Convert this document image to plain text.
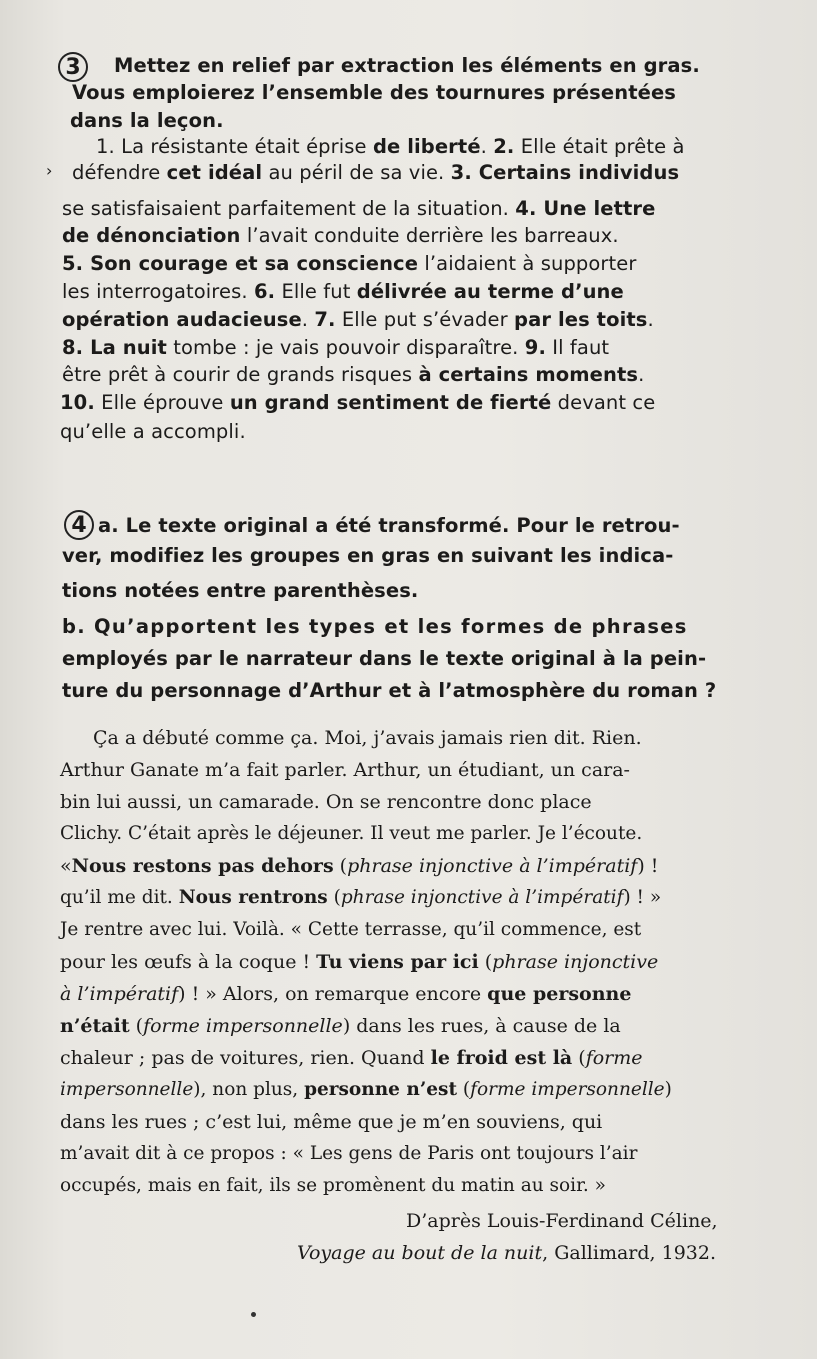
3	Mettez en relief par extraction les éléments en gras.
Vous emploierez l’ensemble des tournures présentées
dans la leçon.
1. La résistante était éprise de liberté. 2. Elle était prête à
› défendre cet idéal au péril de sa vie. 3. Certains individus
se satisfaisaient parfaitement de la situation. 4. Une lettre
de dénonciation l’avait conduite derrière les barreaux.
5. Son courage et sa conscience l’aidaient à supporter
les interrogatoires. 6. Elle fut délivrée au terme d’une
opération audacieuse. 7. Elle put s’évader par les toits.
8. La nuit tombe : je vais pouvoir disparaître. 9. Il faut
être prêt à courir de grands risques à certains moments.
10. Elle éprouve un grand sentiment de fierté devant ce
qu’elle a accompli.
4 a. Le texte original a été transformé. Pour le retrou-
ver, modifiez les groupes en gras en suivant les indica-
tions notées entre parenthèses.
b. Qu’apportent les types et les formes de phrases
employés par le narrateur dans le texte original à la pein-
ture du personnage d’Arthur et à l’atmosphère du roman ?
Ça a débuté comme ça. Moi, j’avais jamais rien dit. Rien.
Arthur Ganate m’a fait parler. Arthur, un étudiant, un cara-
bin lui aussi, un camarade. On se rencontre donc place
Clichy. C’était après le déjeuner. Il veut me parler. Je l’écoute.
«Nous restons pas dehors (phrase injonctive à l’impératif) !
qu’il me dit. Nous rentrons (phrase injonctive à l’impératif) ! »
Je rentre avec lui. Voilà. « Cette terrasse, qu’il commence, est
pour les œufs à la coque ! Tu viens par ici (phrase injonctive
à l’impératif) ! » Alors, on remarque encore que personne
n’était (forme impersonnelle) dans les rues, à cause de la
chaleur ; pas de voitures, rien. Quand le froid est là (forme
impersonnelle), non plus, personne n’est (forme impersonnelle)
dans les rues ; c’est lui, même que je m’en souviens, qui
m’avait dit à ce propos : « Les gens de Paris ont toujours l’air
occupés, mais en fait, ils se promènent du matin au soir. »
D’après Louis-Ferdinand Céline,
Voyage au bout de la nuit, Gallimard, 1932.
